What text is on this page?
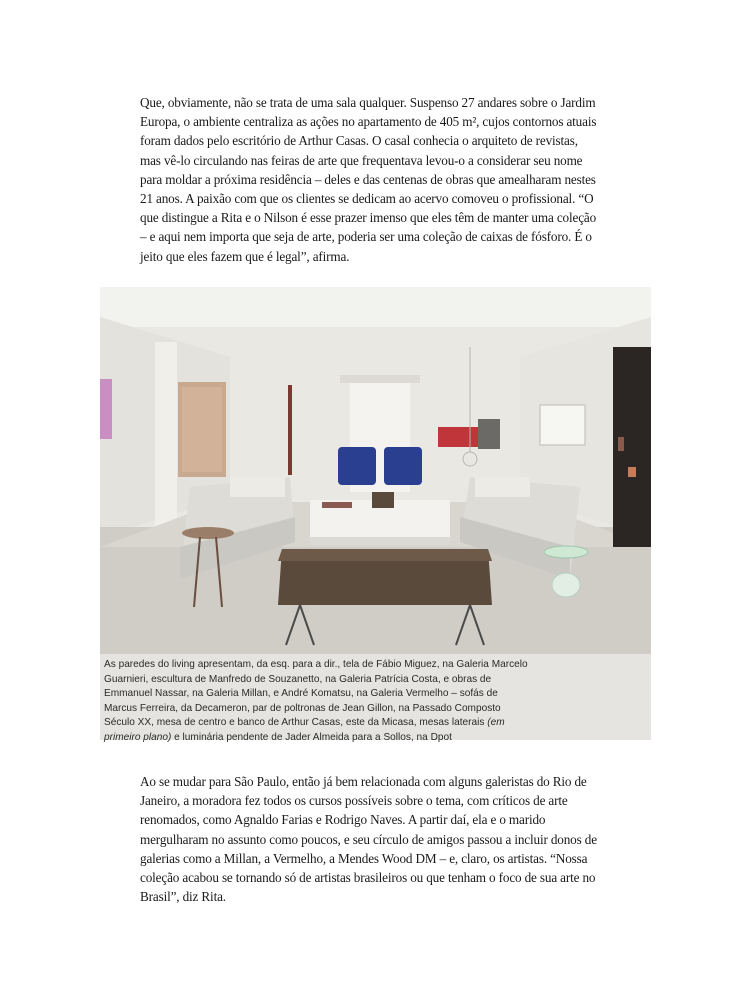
Que, obviamente, não se trata de uma sala qualquer. Suspenso 27 andares sobre o Jardim
Europa, o ambiente centraliza as ações no apartamento de 405 m², cujos contornos atuais
foram dados pelo escritório de Arthur Casas. O casal conhecia o arquiteto de revistas,
mas vê-lo circulando nas feiras de arte que frequentava levou-o a considerar seu nome
para moldar a próxima residência – deles e das centenas de obras que amealharam nestes
21 anos. A paixão com que os clientes se dedicam ao acervo comoveu o profissional. “O
que distingue a Rita e o Nilson é esse prazer imenso que eles têm de manter uma coleção
– e aqui nem importa que seja de arte, poderia ser uma coleção de caixas de fósforo. É o
jeito que eles fazem que é legal”, afirma.
As paredes do living apresentam, da esq. para a dir., tela de Fábio Miguez, na Galeria Marcelo
Guarnieri, escultura de Manfredo de Souzanetto, na Galeria Patrícia Costa, e obras de
Emmanuel Nassar, na Galeria Millan, e André Komatsu, na Galeria Vermelho – sofás de
Marcus Ferreira, da Decameron, par de poltronas de Jean Gillon, na Passado Composto
Século XX, mesa de centro e banco de Arthur Casas, este da Micasa, mesas laterais (em
primeiro plano) e luminária pendente de Jader Almeida para a Sollos, na Dpot
Ao se mudar para São Paulo, então já bem relacionada com alguns galeristas do Rio de
Janeiro, a moradora fez todos os cursos possíveis sobre o tema, com críticos de arte
renomados, como Agnaldo Farias e Rodrigo Naves. A partir daí, ela e o marido
mergulharam no assunto como poucos, e seu círculo de amigos passou a incluir donos de
galerias como a Millan, a Vermelho, a Mendes Wood DM – e, claro, os artistas. “Nossa
coleção acabou se tornando só de artistas brasileiros ou que tenham o foco de sua arte no
Brasil”, diz Rita.
